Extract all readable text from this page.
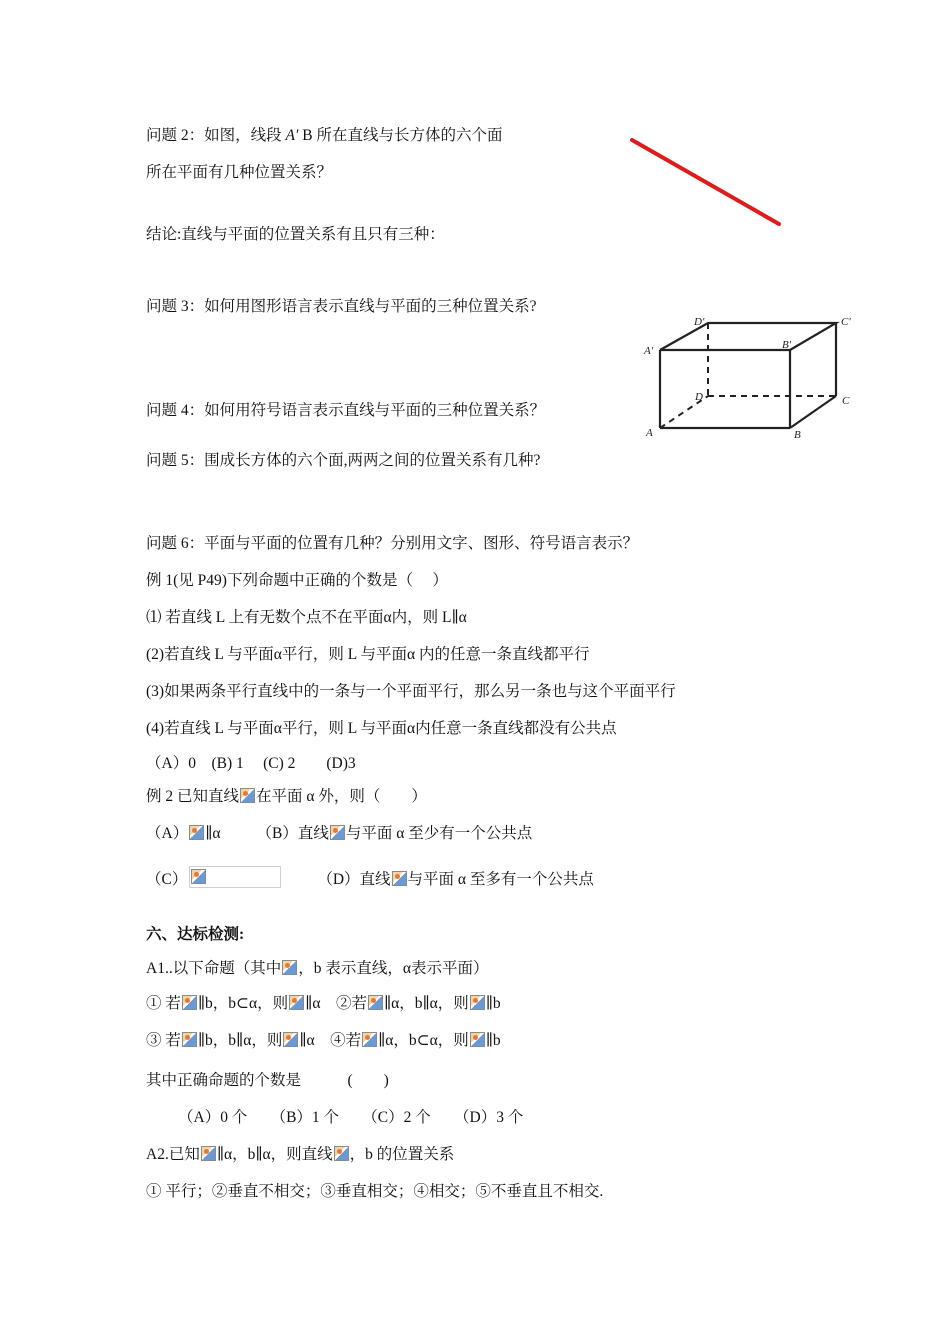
D′	C′
A′	B′
D	C
A	B
问题 2：如图，线段 A′ B 所在直线与长方体的六个面
所在平面有几种位置关系？
结论:直线与平面的位置关系有且只有三种：
问题 3：如何用图形语言表示直线与平面的三种位置关系?
问题 4：如何用符号语言表示直线与平面的三种位置关系？
问题 5：围成长方体的六个面,两两之间的位置关系有几种?
问题 6：平面与平面的位置有几种？分别用文字、图形、符号语言表示？
例 1(见 P49)下列命题中正确的个数是（　 ）
⑴ 若直线 L 上有无数个点不在平面α内，则 L∥α
(2)若直线 L 与平面α平行，则 L 与平面α 内的任意一条直线都平行
(3)如果两条平行直线中的一条与一个平面平行，那么另一条也与这个平面平行
(4)若直线 L 与平面α平行，则 L 与平面α内任意一条直线都没有公共点
（A）0　(B) 1　 (C) 2　　(D)3
例 2 已知直线 在平面 α 外，则（　　）
（A） ∥α （B）直线 与平面 α 至少有一个公共点
（C）	（D）直线 与平面 α 至多有一个公共点
六、达标检测:
A1..以下命题（其中 ，b 表示直线，α表示平面）
① 若 ∥b，b⊂α，则 ∥α　②若 ∥α，b∥α，则 ∥b
③ 若 ∥b，b∥α，则 ∥α　④若 ∥α，b⊂α，则 ∥b
其中正确命题的个数是　　　(　　)
（A）0 个　　（B）1 个　　（C）2 个　　（D）3 个
A2.已知 ∥α，b∥α，则直线 ，b 的位置关系
① 平行；②垂直不相交；③垂直相交；④相交；⑤不垂直且不相交.
